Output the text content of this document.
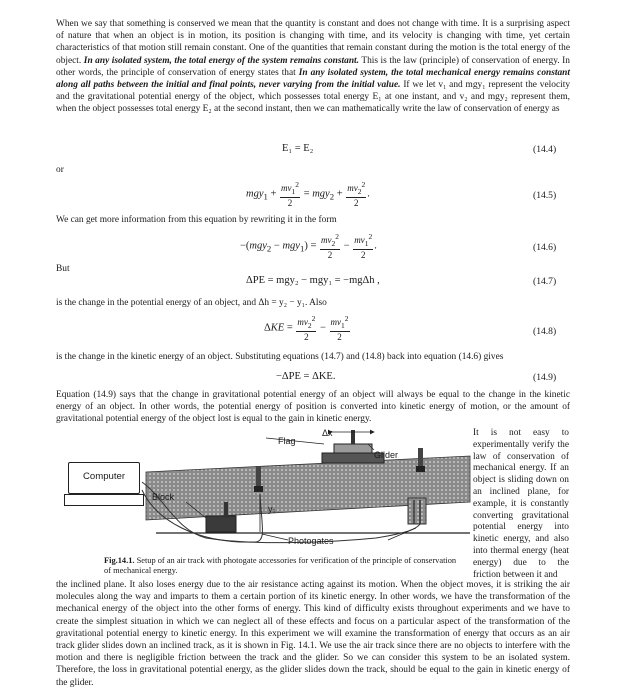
When we say that something is conserved we mean that the quantity is constant and does not change with time. It is a surprising aspect of nature that when an object is in motion, its position is changing with time, and its velocity is changing with time, yet certain characteristics of that motion still remain constant. One of the quantities that remain constant during the motion is the total energy of the object. In any isolated system, the total energy of the system remains constant. This is the law (principle) of conservation of energy. In other words, the principle of conservation of energy states that In any isolated system, the total mechanical energy remains constant along all paths between the initial and final points, never varying from the initial value. If we let v₁ and mgy₁ represent the velocity and the gravitational potential energy of the object, which possesses total energy E₁ at one instant, and v₂ and mgy₂ represent them, when the object possesses total energy E₂ at the second instant, then we can mathematically write the law of conservation of energy as

E₁ = E₂	(14.4)
or
$mgy_1 + \frac{mv_1^2}{2} = mgy_2 + \frac{mv_2^2}{2}$ .	(14.5)
We can get more information from this equation by rewriting it in the form
$-(mgy_2 - mgy_1) = \frac{mv_2^2}{2} - \frac{mv_1^2}{2}$ .	(14.6)
But
ΔPE = mgy₂ − mgy₁ = −mgΔh ,	(14.7)
is the change in the potential energy of an object, and Δh = y₂ − y₁. Also
$\Delta KE = \frac{mv_2^2}{2} - \frac{mv_1^2}{2}$	(14.8)
is the change in the kinetic energy of an object. Substituting equations (14.7) and (14.8) back into equation (14.6) gives
−ΔPE = ΔKE.	(14.9)

Equation (14.9) says that the change in gravitational potential energy of an object will always be equal to the change in the kinetic energy of an object. In other words, the potential energy of position is converted into kinetic energy of motion, or the amount of gravitational potential energy of the object lost is equal to the gain in kinetic energy.

Computer
Block
Flag
Δx
Glider
y₁
Photogates
Fig.14.1. Setup of an air track with photogate accessories for verification of the principle of conservation of mechanical energy.

It is not easy to experimentally verify the law of conservation of mechanical energy. If an object is sliding down on an inclined plane, for example, it is constantly converting gravitational potential energy into kinetic energy, and also into thermal energy (heat energy) due to the friction between it and

the inclined plane. It also loses energy due to the air resistance acting against its motion. When the object moves, it is striking the air molecules along the way and imparts to them a certain portion of its kinetic energy. In other words, we have the transformation of the mechanical energy of the object into the other forms of energy. This kind of difficulty exists throughout experiments and we have to create the simplest situation in which we can neglect all of these effects and focus on a particular aspect of the transformation of the gravitational potential energy to kinetic energy. In this experiment we will examine the transformation of energy that occurs as an air track glider slides down an inclined track, as it is shown in Fig. 14.1. We use the air track since there are no objects to interfere with the motion and there is negligible friction between the track and the glider. So we can consider this system to be an isolated system. Therefore, the loss in gravitational potential energy, as the glider slides down the track, should be equal to the gain in kinetic energy of the glider.
